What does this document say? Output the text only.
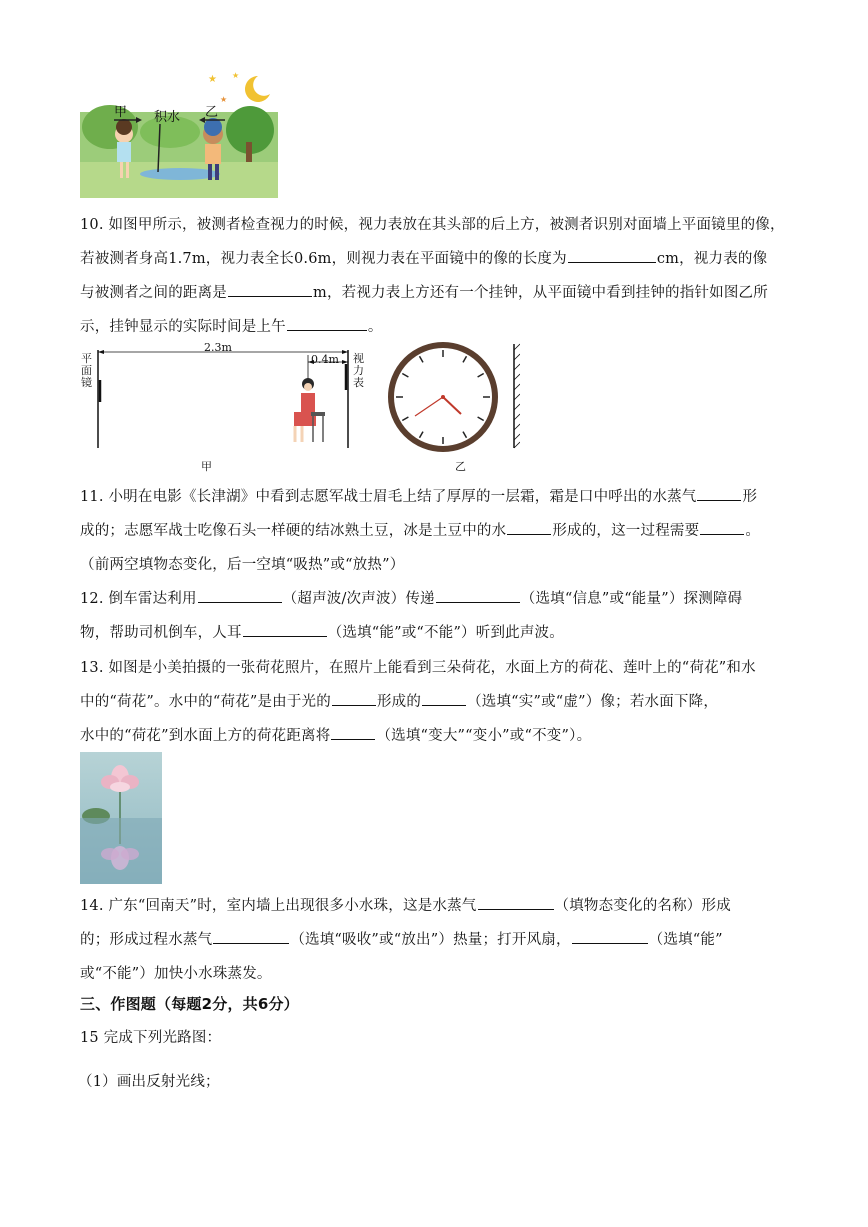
★ ★
★
甲 积水 乙
10. 如图甲所示，被测者检查视力的时候，视力表放在其头部的后上方，被测者识别对面墙上平面镜里的像，
若被测者身高1.7m，视力表全长0.6m，则视力表在平面镜中的像的长度为	cm，视力表的像
与被测者之间的距离是	m，若视力表上方还有一个挂钟，从平面镜中看到挂钟的指针如图乙所
示，挂钟显示的实际时间是上午	。
2.3m
0.4m
平
面
镜
视
力
表
甲	乙
11. 小明在电影《长津湖》中看到志愿军战士眉毛上结了厚厚的一层霜，霜是口中呼出的水蒸气	形
成的；志愿军战士吃像石头一样硬的结冰熟土豆，冰是土豆中的水	形成的，这一过程需要	。
（前两空填物态变化，后一空填“吸热”或“放热”）
12. 倒车雷达利用	（超声波/次声波）传递	（选填“信息”或“能量”）探测障碍
物，帮助司机倒车，人耳	（选填“能”或“不能”）听到此声波。
13. 如图是小美拍摄的一张荷花照片，在照片上能看到三朵荷花，水面上方的荷花、莲叶上的“荷花”和水
中的“荷花”。水中的“荷花”是由于光的	形成的	（选填“实”或“虚”）像；若水面下降，
水中的“荷花”到水面上方的荷花距离将	（选填“变大”“变小”或“不变”）。
14. 广东“回南天”时，室内墙上出现很多小水珠，这是水蒸气	（填物态变化的名称）形成
的；形成过程水蒸气	（选填“吸收”或“放出”）热量；打开风扇，	（选填“能”
或“不能”）加快小水珠蒸发。
三、作图题（每题2分，共6分）
15 完成下列光路图：
（1）画出反射光线；
